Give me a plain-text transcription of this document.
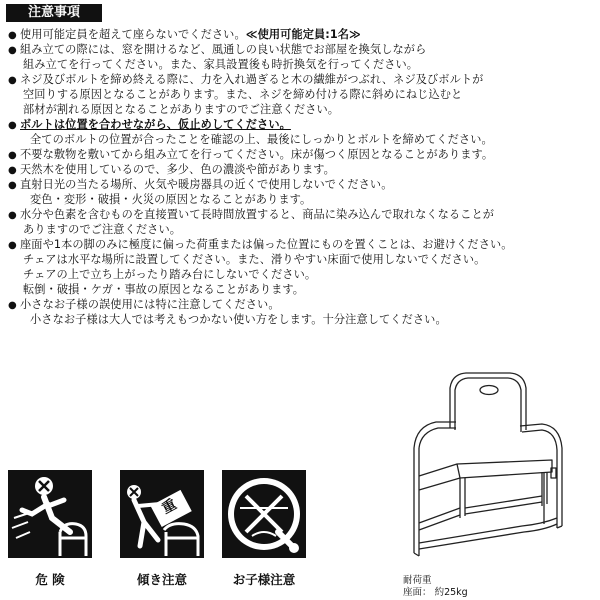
注意事項
● 使用可能定員を超えて座らないでください。≪使用可能定員:1名≫
● 組み立ての際には、窓を開けるなど、風通しの良い状態でお部屋を換気しながら
組み立てを行ってください。また、家具設置後も時折換気を行ってください。
● ネジ及びボルトを締め終える際に、力を入れ過ぎると木の繊維がつぶれ、ネジ及びボルトが
空回りする原因となることがあります。また、ネジを締め付ける際に斜めにねじ込むと
部材が割れる原因となることがありますのでご注意ください。
● ボルトは位置を合わせながら、仮止めしてください。
全てのボルトの位置が合ったことを確認の上、最後にしっかりとボルトを締めてください。
● 不要な敷物を敷いてから組み立てを行ってください。床が傷つく原因となることがあります。
● 天然木を使用しているので、多少、色の濃淡や節があります。
● 直射日光の当たる場所、火気や暖房器具の近くで使用しないでください。
変色・変形・破損・火災の原因となることがあります。
● 水分や色素を含むものを直接置いて長時間放置すると、商品に染み込んで取れなくなることが
ありますのでご注意ください。
● 座面や1本の脚のみに極度に偏った荷重または偏った位置にものを置くことは、お避けください。
チェアは水平な場所に設置してください。また、滑りやすい床面で使用しないでください。
チェアの上で立ち上がったり踏み台にしないでください。
転倒・破損・ケガ・事故の原因となることがあります。
● 小さなお子様の誤使用には特に注意してください。
小さなお子様は大人では考えもつかない使い方をします。十分注意してください。
危 険
重
傾き注意	お子様注意	耐荷重
座面： 約25kg
